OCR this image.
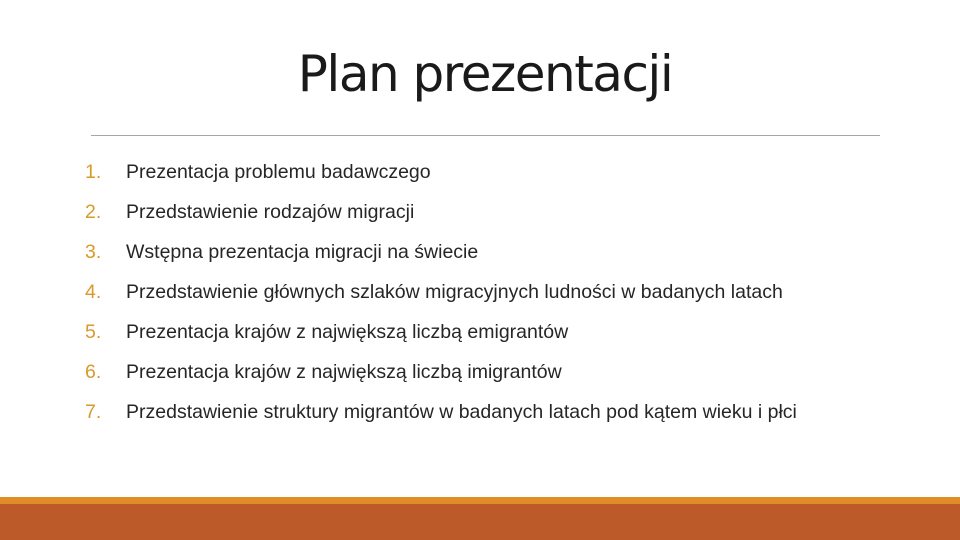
Plan prezentacji
1.	Prezentacja problemu badawczego
2.	Przedstawienie rodzajów migracji
3.	Wstępna prezentacja migracji na świecie
4.	Przedstawienie głównych szlaków migracyjnych ludności w badanych latach
5.	Prezentacja krajów z największą liczbą emigrantów
6.	Prezentacja krajów z największą liczbą imigrantów
7.	Przedstawienie struktury migrantów w badanych latach pod kątem wieku i płci
